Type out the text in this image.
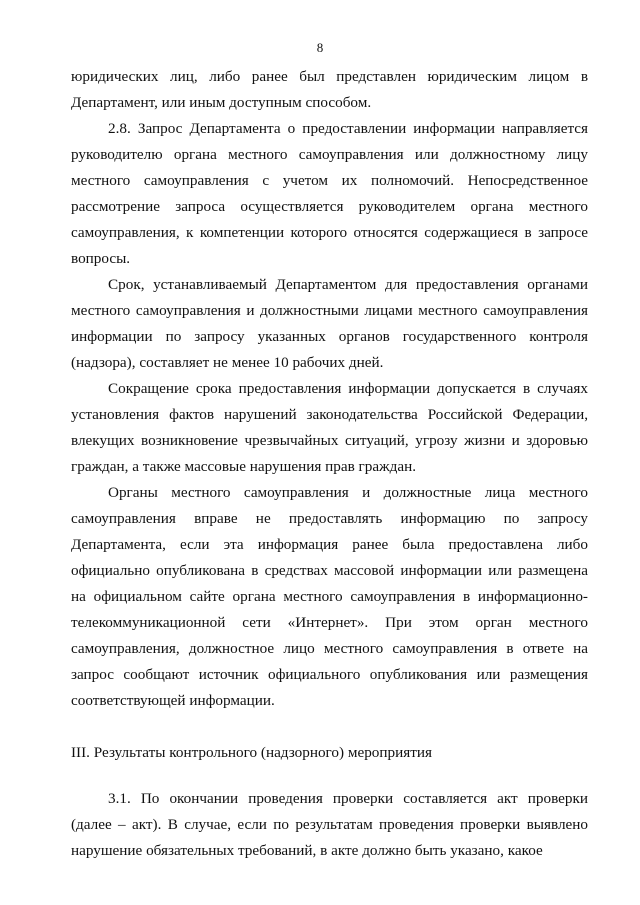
8

юридических лиц, либо ранее был представлен юридическим лицом в Департамент, или иным доступным способом.

2.8. Запрос Департамента о предоставлении информации направляется руководителю органа местного самоуправления или должностному лицу местного самоуправления с учетом их полномочий. Непосредственное рассмотрение запроса осуществляется руководителем органа местного самоуправления, к компетенции которого относятся содержащиеся в запросе вопросы.

Срок, устанавливаемый Департаментом для предоставления органами местного самоуправления и должностными лицами местного самоуправления информации по запросу указанных органов государственного контроля (надзора), составляет не менее 10 рабочих дней.

Сокращение срока предоставления информации допускается в случаях установления фактов нарушений законодательства Российской Федерации, влекущих возникновение чрезвычайных ситуаций, угрозу жизни и здоровью граждан, а также массовые нарушения прав граждан.

Органы местного самоуправления и должностные лица местного самоуправления вправе не предоставлять информацию по запросу Департамента, если эта информация ранее была предоставлена либо официально опубликована в средствах массовой информации или размещена на официальном сайте органа местного самоуправления в информационно-телекоммуникационной сети «Интернет». При этом орган местного самоуправления, должностное лицо местного самоуправления в ответе на запрос сообщают источник официального опубликования или размещения соответствующей информации.

III. Результаты контрольного (надзорного) мероприятия

3.1. По окончании проведения проверки составляется акт проверки (далее – акт). В случае, если по результатам проведения проверки выявлено нарушение обязательных требований, в акте должно быть указано, какое
